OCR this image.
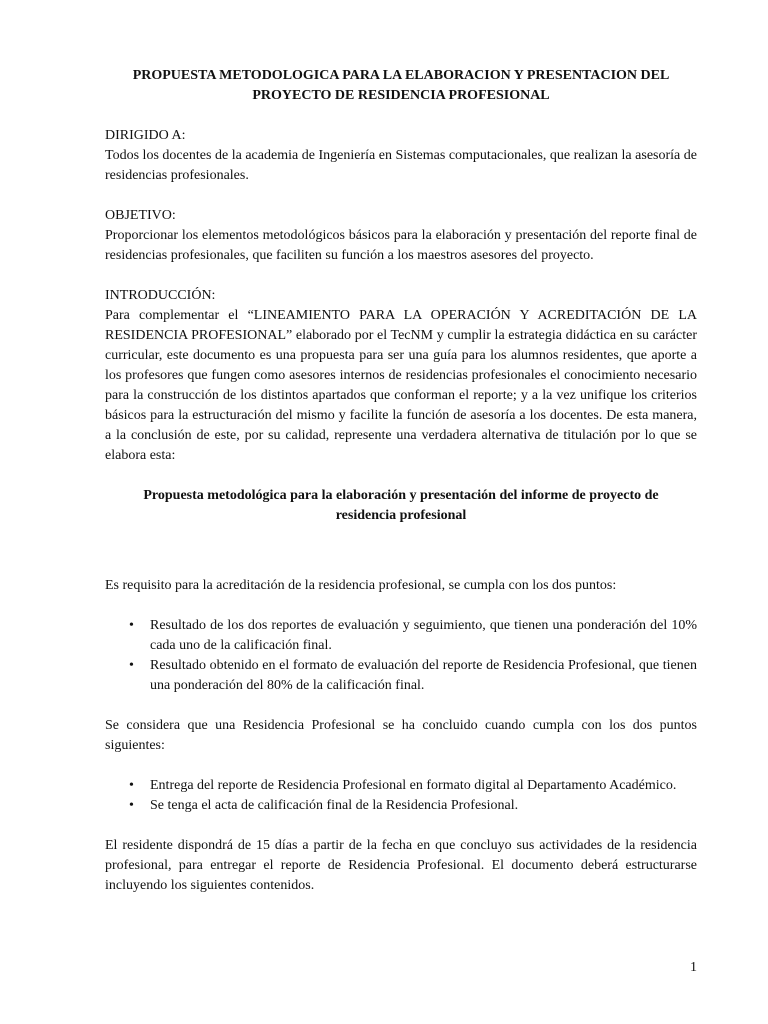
PROPUESTA METODOLOGICA PARA LA ELABORACION Y PRESENTACION DEL
PROYECTO DE RESIDENCIA PROFESIONAL
DIRIGIDO A:

Todos los docentes de la academia de Ingeniería en Sistemas computacionales, que realizan la asesoría de residencias profesionales.

OBJETIVO:

Proporcionar los elementos metodológicos básicos para la elaboración y presentación del reporte final de residencias profesionales, que faciliten su función a los maestros asesores del proyecto.

INTRODUCCIÓN:

Para complementar el “LINEAMIENTO PARA LA OPERACIÓN Y ACREDITACIÓN DE LA RESIDENCIA PROFESIONAL” elaborado por el TecNM y cumplir la estrategia didáctica en su carácter curricular, este documento es una propuesta para ser una guía para los alumnos residentes, que aporte a los profesores que fungen como asesores internos de residencias profesionales el conocimiento necesario para la construcción de los distintos apartados que conforman el reporte; y a la vez unifique los criterios básicos para la estructuración del mismo y facilite la función de asesoría a los docentes. De esta manera, a la conclusión de este, por su calidad, represente una verdadera alternativa de titulación por lo que se elabora esta:

Propuesta metodológica para la elaboración y presentación del informe de proyecto de
residencia profesional

Es requisito para la acreditación de la residencia profesional, se cumpla con los dos puntos:

• Resultado de los dos reportes de evaluación y seguimiento, que tienen una ponderación del 10% cada uno de la calificación final.
• Resultado obtenido en el formato de evaluación del reporte de Residencia Profesional, que tienen una ponderación del 80% de la calificación final.

Se considera que una Residencia Profesional se ha concluido cuando cumpla con los dos puntos siguientes:

• Entrega del reporte de Residencia Profesional en formato digital al Departamento Académico.
• Se tenga el acta de calificación final de la Residencia Profesional.

El residente dispondrá de 15 días a partir de la fecha en que concluyo sus actividades de la residencia profesional, para entregar el reporte de Residencia Profesional. El documento deberá estructurarse incluyendo los siguientes contenidos.

1
